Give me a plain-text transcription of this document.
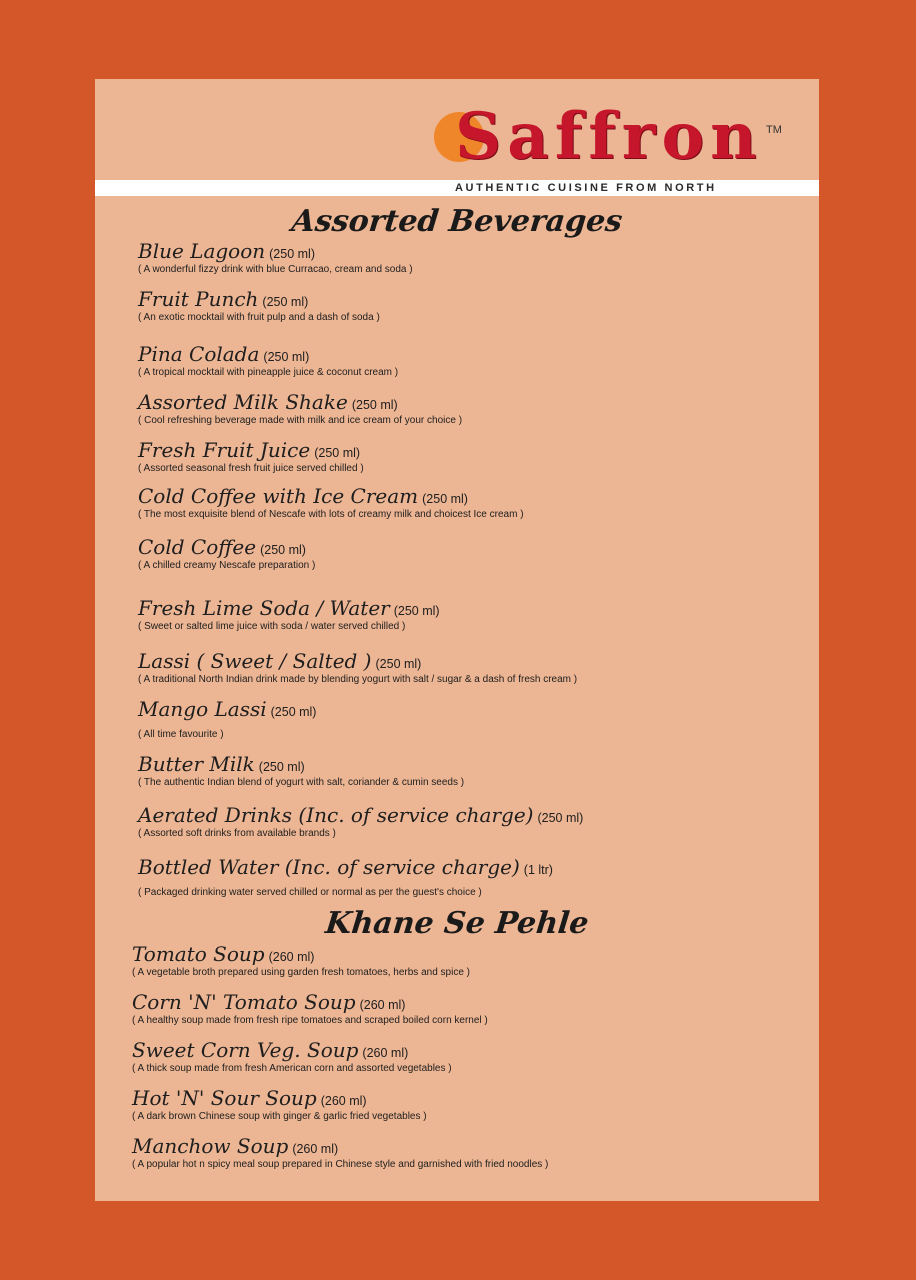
Saffron TM
AUTHENTIC CUISINE FROM NORTH
Assorted Beverages
Blue Lagoon (250 ml)
( A wonderful fizzy drink with blue Curracao, cream and soda )
Fruit Punch (250 ml)
( An exotic mocktail with fruit pulp and a dash of soda )
Pina Colada (250 ml)
( A tropical mocktail with pineapple juice & coconut cream )
Assorted Milk Shake (250 ml)
( Cool refreshing beverage made with milk and ice cream of your choice )
Fresh Fruit Juice (250 ml)
( Assorted seasonal fresh fruit juice served chilled )
Cold Coffee with Ice Cream (250 ml)
( The most exquisite blend of Nescafe with lots of creamy milk and choicest Ice cream )
Cold Coffee (250 ml)
( A chilled creamy Nescafe preparation )
Fresh Lime Soda / Water (250 ml)
( Sweet or salted lime juice with soda / water served chilled )
Lassi ( Sweet / Salted ) (250 ml)
( A traditional North Indian drink made by blending yogurt with salt / sugar & a dash of fresh cream )
Mango Lassi (250 ml)
( All time favourite )
Butter Milk (250 ml)
( The authentic Indian blend of yogurt with salt, coriander & cumin seeds )
Aerated Drinks (Inc. of service charge) (250 ml)
( Assorted soft drinks from available brands )
Bottled Water (Inc. of service charge) (1 ltr)
( Packaged drinking water served chilled or normal as per the guest's choice )
Khane Se Pehle
Tomato Soup (260 ml)
( A vegetable broth prepared using garden fresh tomatoes, herbs and spice )
Corn 'N' Tomato Soup (260 ml)
( A healthy soup made from fresh ripe tomatoes and scraped boiled corn kernel )
Sweet Corn Veg. Soup (260 ml)
( A thick soup made from fresh American corn and assorted vegetables )
Hot 'N' Sour Soup (260 ml)
( A dark brown Chinese soup with ginger & garlic fried vegetables )
Manchow Soup (260 ml)
( A popular hot n spicy meal soup prepared in Chinese style and garnished with fried noodles )
